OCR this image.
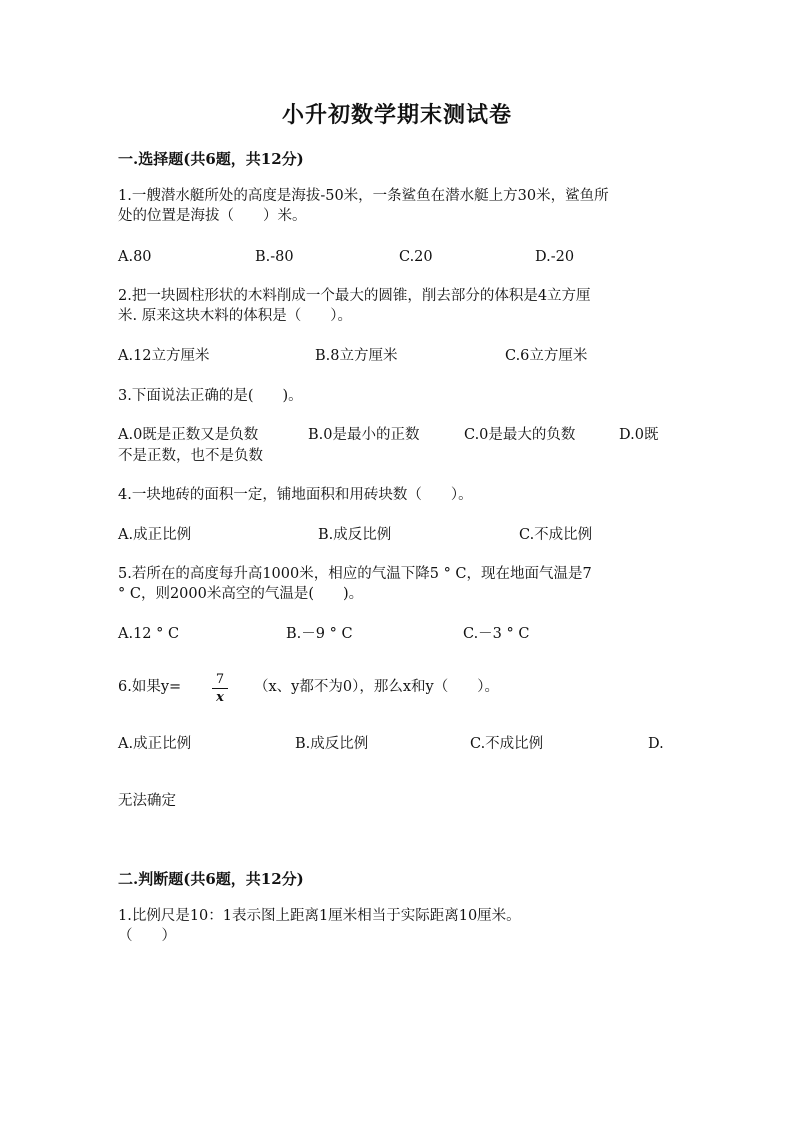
小升初数学期末测试卷
一.选择题(共6题，共12分)
1.一艘潜水艇所处的高度是海拔-50米，一条鲨鱼在潜水艇上方30米，鲨鱼所
处的位置是海拔（　　）米。
A.80	B.-80	C.20	D.-20
2.把一块圆柱形状的木料削成一个最大的圆锥，削去部分的体积是4立方厘
米. 原来这块木料的体积是（　　）。
A.12立方厘米	B.8立方厘米	C.6立方厘米
3.下面说法正确的是(　　)。
A.0既是正数又是负数	B.0是最小的正数	C.0是最大的负数	D.0既
不是正数，也不是负数
4.一块地砖的面积一定，铺地面积和用砖块数（　　）。
A.成正比例	B.成反比例	C.不成比例
5.若所在的高度每升高1000米，相应的气温下降5 ° C，现在地面气温是7
° C，则2000米高空的气温是(　　)。
A.12 ° C	B.－9 ° C	C.－3 ° C
6.如果y=	（x、y都不为0），那么x和y（　　）。
7
x
A.成正比例	B.成反比例	C.不成比例	D.
无法确定
二.判断题(共6题，共12分)
1.比例尺是10：1表示图上距离1厘米相当于实际距离10厘米。
（　　）
